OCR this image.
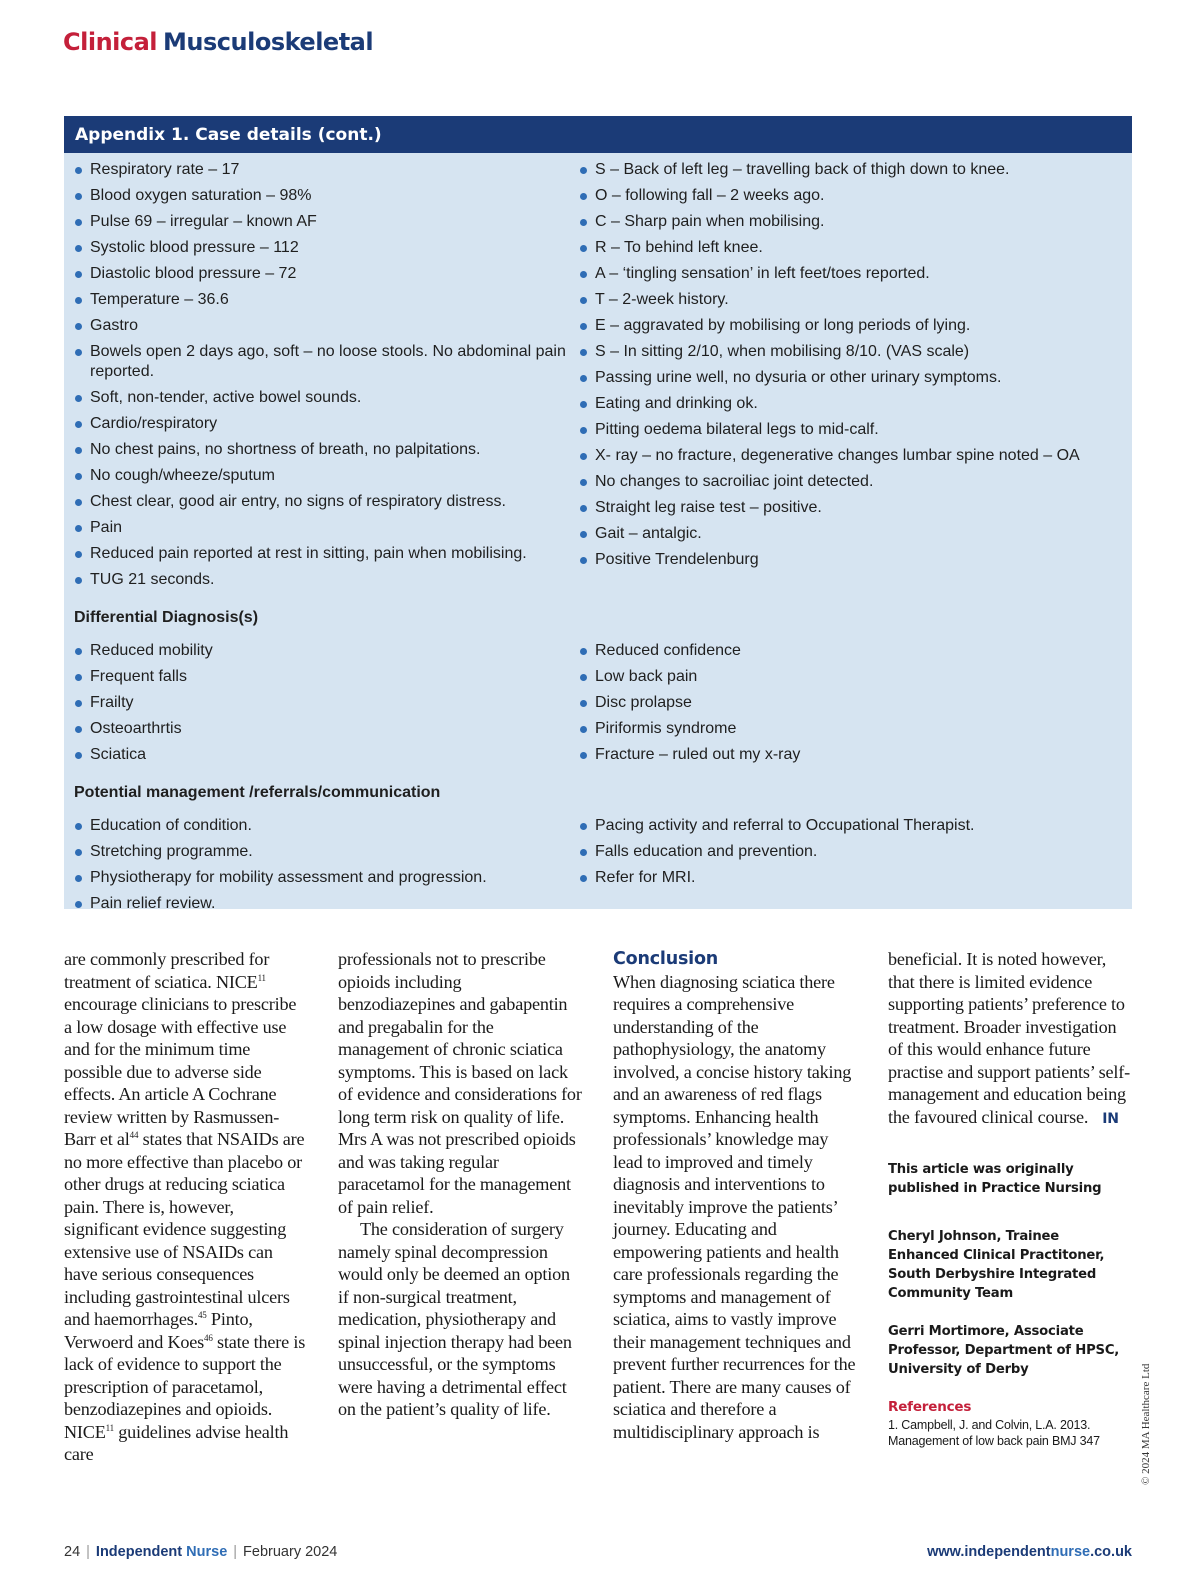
Clinical Musculoskeletal
Appendix 1. Case details (cont.)
Respiratory rate – 17
Blood oxygen saturation – 98%
Pulse 69 – irregular – known AF
Systolic blood pressure – 112
Diastolic blood pressure – 72
Temperature – 36.6
Gastro
Bowels open 2 days ago, soft – no loose stools. No abdominal pain reported.
Soft, non-tender, active bowel sounds.
Cardio/respiratory
No chest pains, no shortness of breath, no palpitations.
No cough/wheeze/sputum
Chest clear, good air entry, no signs of respiratory distress.
Pain
Reduced pain reported at rest in sitting, pain when mobilising.
TUG 21 seconds.
S – Back of left leg – travelling back of thigh down to knee.
O – following fall – 2 weeks ago.
C – Sharp pain when mobilising.
R – To behind left knee.
A – ‘tingling sensation’ in left feet/toes reported.
T – 2-week history.
E – aggravated by mobilising or long periods of lying.
S – In sitting 2/10, when mobilising 8/10. (VAS scale)
Passing urine well, no dysuria or other urinary symptoms.
Eating and drinking ok.
Pitting oedema bilateral legs to mid-calf.
X- ray – no fracture, degenerative changes lumbar spine noted – OA
No changes to sacroiliac joint detected.
Straight leg raise test – positive.
Gait – antalgic.
Positive Trendelenburg
Differential Diagnosis(s)
Reduced mobility
Frequent falls
Frailty
Osteoarthrtis
Sciatica
Reduced confidence
Low back pain
Disc prolapse
Piriformis syndrome
Fracture – ruled out my x-ray
Potential management /referrals/communication
Education of condition.
Stretching programme.
Physiotherapy for mobility assessment and progression.
Pain relief review.
Pacing activity and referral to Occupational Therapist.
Falls education and prevention.
Refer for MRI.

are commonly prescribed for treatment of sciatica. NICE$^{11}$ encourage clinicians to prescribe a low dosage with effective use and for the minimum time possible due to adverse side effects. An article A Cochrane review written by Rasmussen-Barr et $al^{44}$ states that NSAIDs are no more effective than placebo or other drugs at reducing sciatica pain. There is, however, significant evidence suggesting extensive use of NSAIDs can have serious consequences including gastrointestinal ulcers and haemorrhages.$^{45}$ Pinto, Verwoerd and Koes$^{46}$ state there is lack of evidence to support the prescription of paracetamol, benzodiazepines and opioids. NICE$^{11}$ guidelines advise health care

professionals not to prescribe opioids including benzodiazepines and gabapentin and pregabalin for the management of chronic sciatica symptoms. This is based on lack of evidence and considerations for long term risk on quality of life. Mrs A was not prescribed opioids and was taking regular paracetamol for the management of pain relief.

The consideration of surgery namely spinal decompression would only be deemed an option if non-surgical treatment, medication, physiotherapy and spinal injection therapy had been unsuccessful, or the symptoms were having a detrimental effect on the patient’s quality of life.

Conclusion

When diagnosing sciatica there requires a comprehensive understanding of the pathophysiology, the anatomy involved, a concise history taking and an awareness of red flags symptoms. Enhancing health professionals’ knowledge may lead to improved and timely diagnosis and interventions to inevitably improve the patients’ journey. Educating and empowering patients and health care professionals regarding the symptoms and management of sciatica, aims to vastly improve their management techniques and prevent further recurrences for the patient. There are many causes of sciatica and therefore a multidisciplinary approach is

beneficial. It is noted however, that there is limited evidence supporting patients’ preference to treatment. Broader investigation of this would enhance future practise and support patients’ self-management and education being the favoured clinical course. IN

This article was originally published in Practice Nursing
Cheryl Johnson, Trainee Enhanced Clinical Practitoner, South Derbyshire Integrated Community Team
Gerri Mortimore, Associate Professor, Department of HPSC, University of Derby
References
1. Campbell, J. and Colvin, L.A. 2013. Management of low back pain BMJ 347	© 2024 MA Healthcare Ltd
24 | Independent Nurse | February 2024	www.independentnurse.co.uk
